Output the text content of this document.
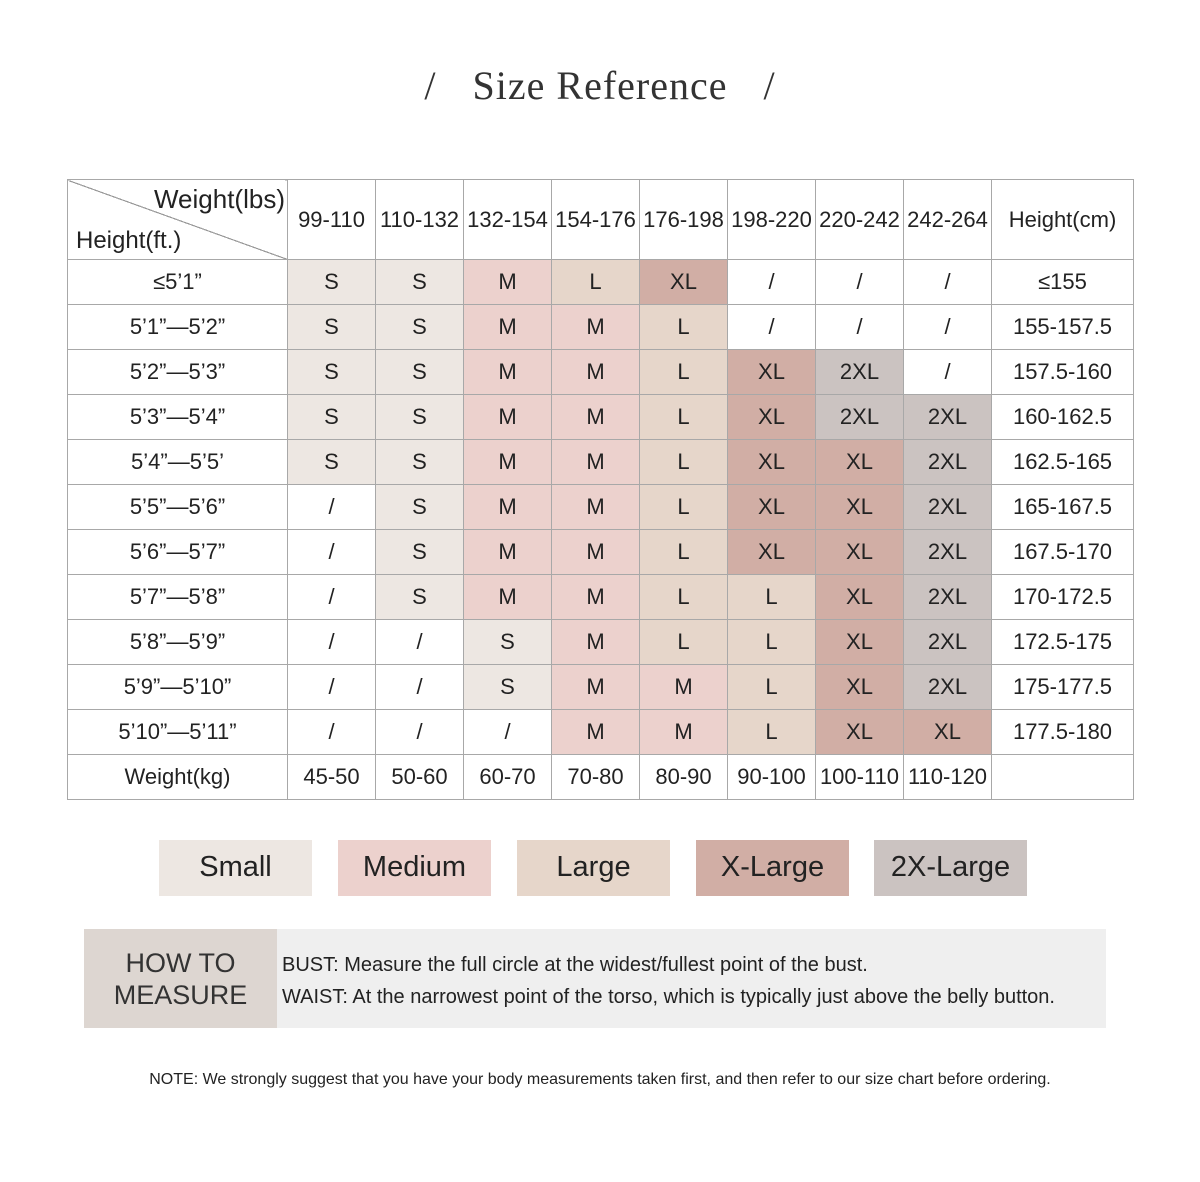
/ Size Reference /
Weight(lbs)
Height(ft.)	99-110	110-132	132-154	154-176	176-198	198-220	220-242	242-264	Height(cm)
≤5’1”	S	S	M	L	XL	/	/	/	≤155
5’1”—5’2”	S	S	M	M	L	/	/	/	155-157.5
5’2”—5’3”	S	S	M	M	L	XL	2XL	/	157.5-160
5’3”—5’4”	S	S	M	M	L	XL	2XL	2XL	160-162.5
5’4”—5’5’	S	S	M	M	L	XL	XL	2XL	162.5-165
5’5”—5’6”	/	S	M	M	L	XL	XL	2XL	165-167.5
5’6”—5’7”	/	S	M	M	L	XL	XL	2XL	167.5-170
5’7”—5’8”	/	S	M	M	L	L	XL	2XL	170-172.5
5’8”—5’9”	/	/	S	M	L	L	XL	2XL	172.5-175
5’9”—5’10”	/	/	S	M	M	L	XL	2XL	175-177.5
5’10”—5’11”	/	/	/	M	M	L	XL	XL	177.5-180
Weight(kg)	45-50	50-60	60-70	70-80	80-90	90-100	100-110	110-120	
Small	Medium	Large	X-Large	2X-Large
HOW TO
MEASURE
BUST: Measure the full circle at the widest/fullest point of the bust.
WAIST: At the narrowest point of the torso, which is typically just above the belly button.
NOTE: We strongly suggest that you have your body measurements taken first, and then refer to our size chart before ordering.
